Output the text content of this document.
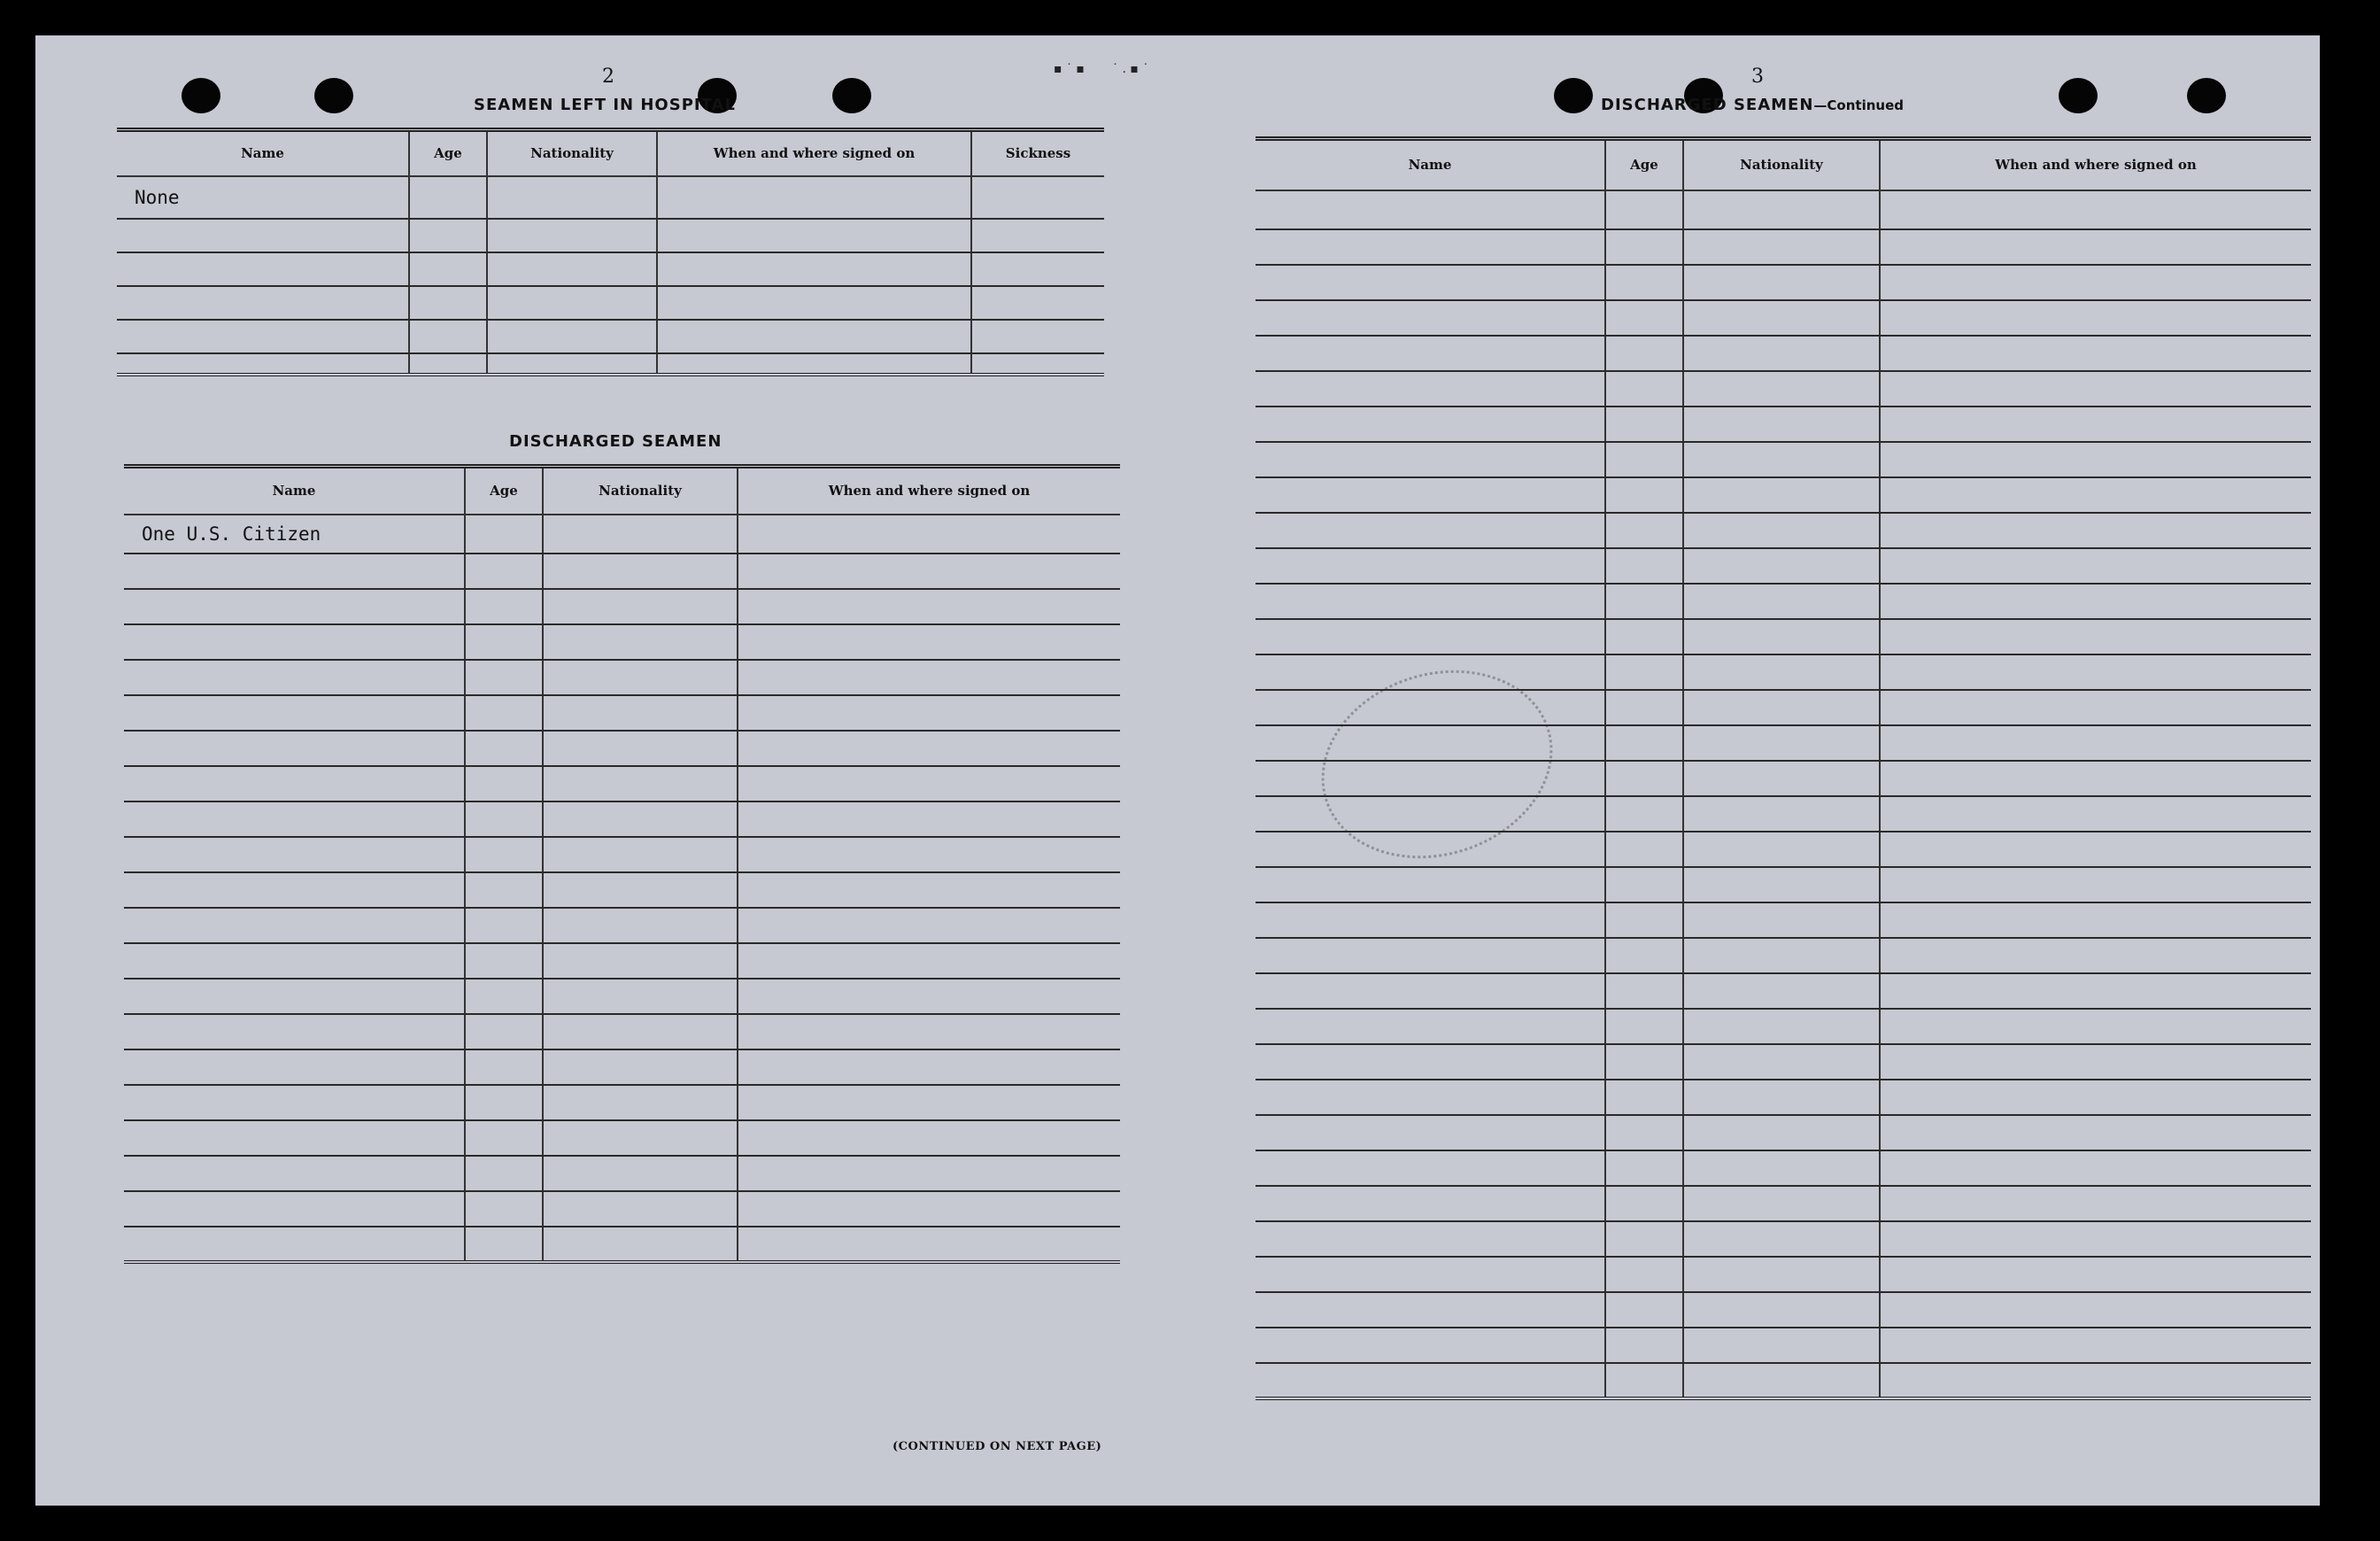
2
SEAMEN LEFT IN HOSPITAL
Name	Age	Nationality	When and where signed on	Sickness
None				

DISCHARGED SEAMEN
Name	Age	Nationality	When and where signed on
One U.S. Citizen			

(CONTINUED ON NEXT PAGE)
3
DISCHARGED SEAMEN—Continued
Name	Age	Nationality	When and where signed on

▪ ˙ ▪       ˙ . ▪ ˙
